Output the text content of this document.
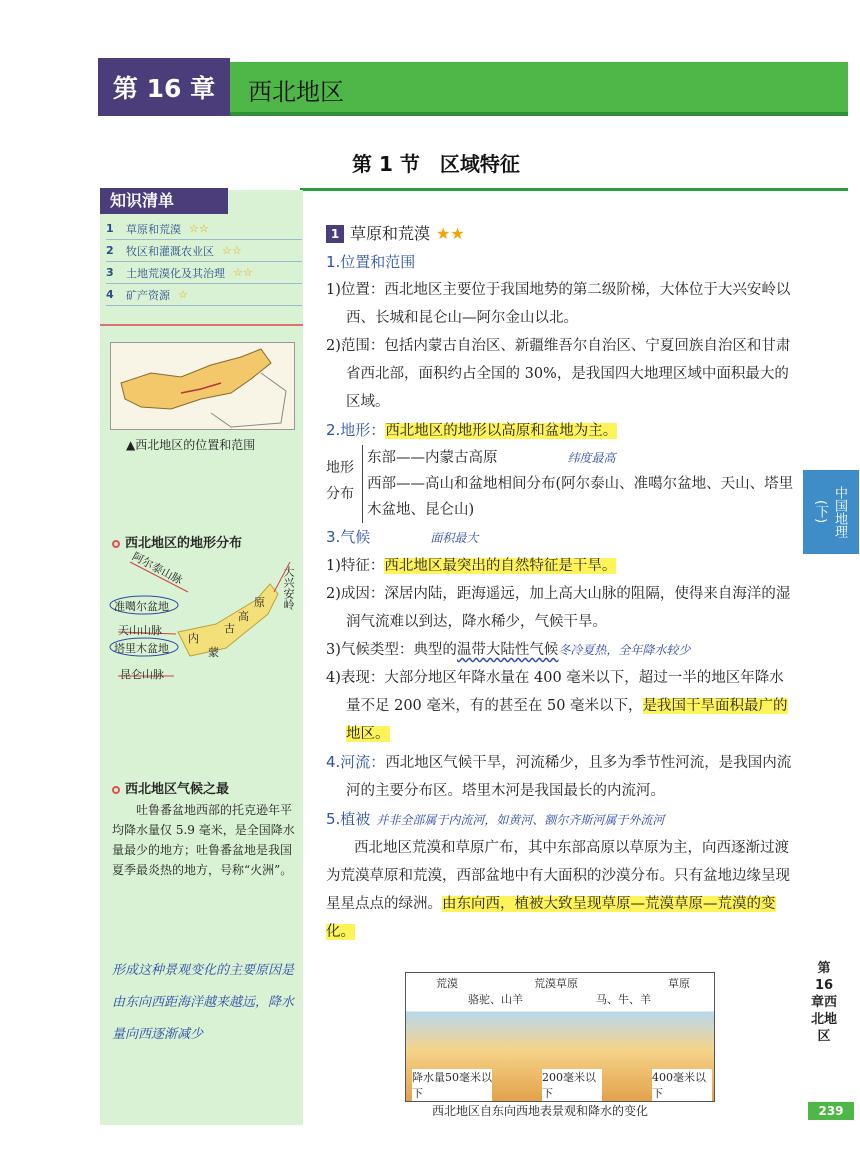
第 16 章	西北地区
第 1 节　区域特征
知识清单
1	草原和荒漠 ☆☆
2	牧区和灌溉农业区 ☆☆
3	土地荒漠化及其治理 ☆☆
4	矿产资源 ☆
▲西北地区的位置和范围
西北地区的地形分布
阿尔泰山脉
准噶尔盆地
天山山脉
塔里木盆地
昆仑山脉
内
蒙
古
高
原 大兴安岭
西北地区气候之最
吐鲁番盆地西部的托克逊年平均降水量仅 5.9 毫米，是全国降水量最少的地方；吐鲁番盆地是我国夏季最炎热的地方，号称“火洲”。
形成这种景观变化的主要原因是由东向西距海洋越来越远，降水量向西逐渐减少
1 草原和荒漠 ★★
1.位置和范围
1)位置：西北地区主要位于我国地势的第二级阶梯，大体位于大兴安岭以西、长城和昆仑山—阿尔金山以北。
2)范围：包括内蒙古自治区、新疆维吾尔自治区、宁夏回族自治区和甘肃省西北部，面积约占全国的 30%，是我国四大地理区域中面积最大的区域。
2.地形：西北地区的地形以高原和盆地为主。
地形分布
东部——内蒙古高原	纬度最高
西部——高山和盆地相间分布(阿尔泰山、准噶尔盆地、天山、塔里木盆地、昆仑山)
3.气候	面积最大
1)特征：西北地区最突出的自然特征是干旱。
2)成因：深居内陆，距海遥远，加上高大山脉的阻隔，使得来自海洋的湿润气流难以到达，降水稀少，气候干旱。
3)气候类型：典型的温带大陆性气候冬冷夏热，全年降水较少
4)表现：大部分地区年降水量在 400 毫米以下，超过一半的地区年降水量不足 200 毫米，有的甚至在 50 毫米以下，是我国干旱面积最广的地区。
4.河流：西北地区气候干旱，河流稀少，且多为季节性河流，是我国内流河的主要分布区。塔里木河是我国最长的内流河。
5.植被 并非全部属于内流河，如黄河、额尔齐斯河属于外流河
西北地区荒漠和草原广布，其中东部高原以草原为主，向西逐渐过渡为荒漠草原和荒漠，西部盆地中有大面积的沙漠分布。只有盆地边缘呈现星星点点的绿洲。由东向西，植被大致呈现草原—荒漠草原—荒漠的变化。
荒漠	荒漠草原	草原
骆驼、山羊	马、牛、羊
降水量50毫米以下
200毫米以下
400毫米以下
西北地区自东向西地表景观和降水的变化
中国地理(下)
第16章西北地区
239
